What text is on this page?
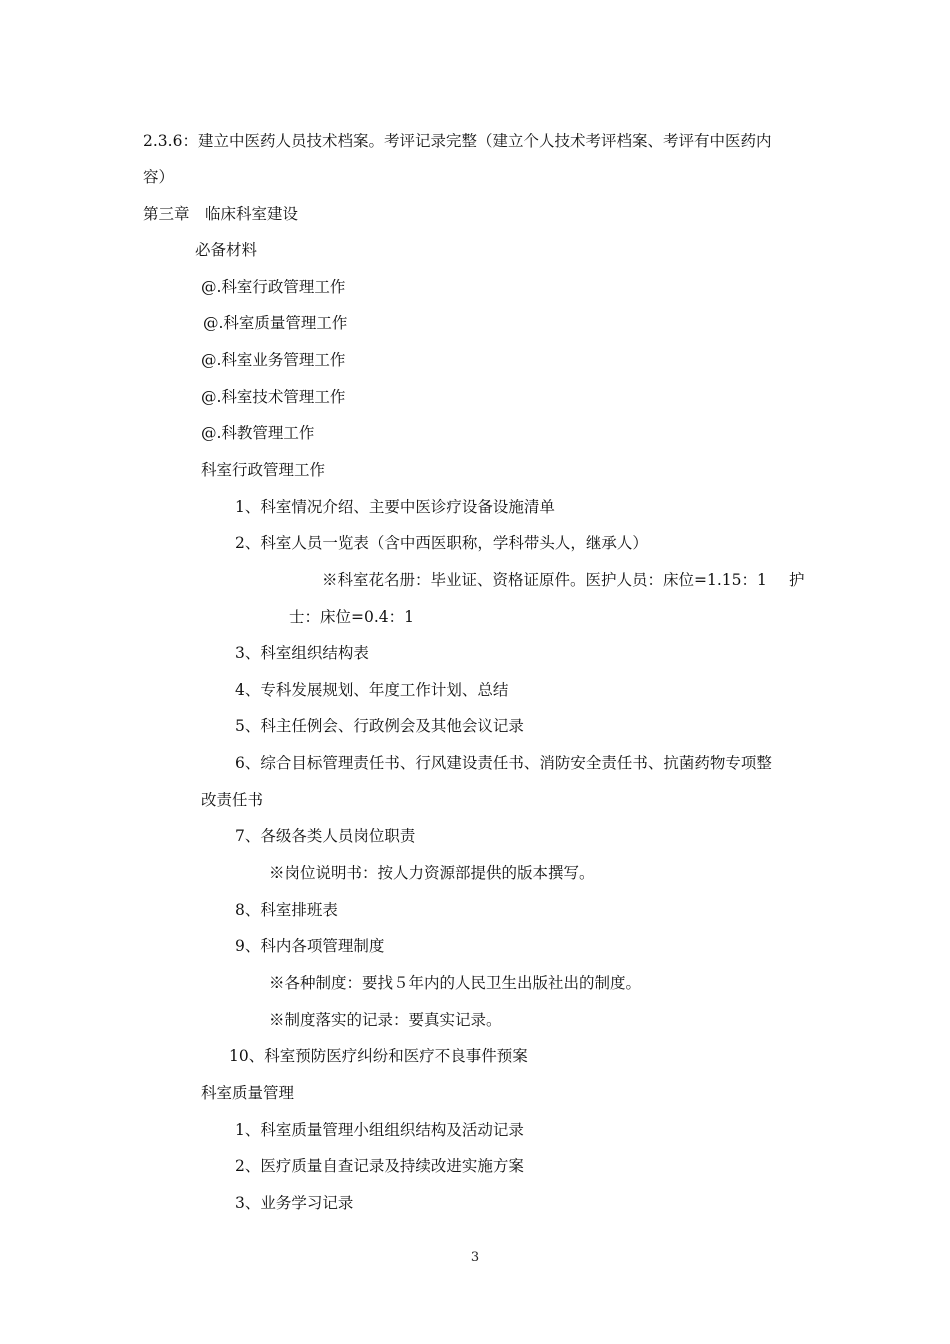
2.3.6：建立中医药人员技术档案。考评记录完整（建立个人技术考评档案、考评有中医药内
容）
第三章　临床科室建设
必备材料
@.科室行政管理工作
@.科室质量管理工作
@.科室业务管理工作
@.科室技术管理工作
@.科教管理工作
科室行政管理工作
1、科室情况介绍、主要中医诊疗设备设施清单
2、科室人员一览表（含中西医职称，学科带头人，继承人）
※科室花名册：毕业证、资格证原件。医护人员：床位=1.15：1 护
士：床位=0.4：1
3、科室组织结构表
4、专科发展规划、年度工作计划、总结
5、科主任例会、行政例会及其他会议记录
6、综合目标管理责任书、行风建设责任书、消防安全责任书、抗菌药物专项整
改责任书
7、各级各类人员岗位职责
※岗位说明书：按人力资源部提供的版本撰写。
8、科室排班表
9、科内各项管理制度
※各种制度：要找５年内的人民卫生出版社出的制度。
※制度落实的记录：要真实记录。
10、科室预防医疗纠纷和医疗不良事件预案
科室质量管理
1、科室质量管理小组组织结构及活动记录
2、医疗质量自查记录及持续改进实施方案
3、业务学习记录
3
